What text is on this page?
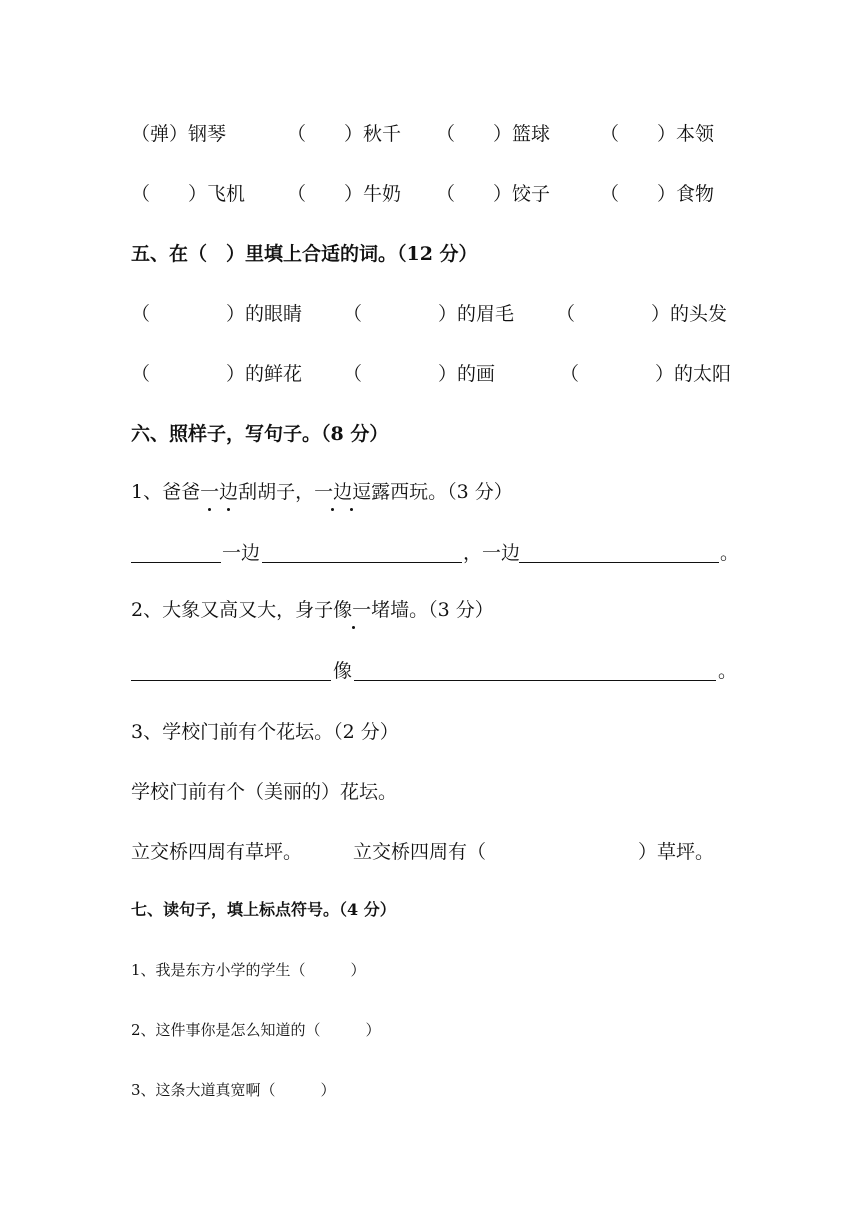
（弹）钢琴	（　　）秋千 （　　）篮球	（　　）本领
（　　）飞机 （　　）牛奶 （　　）饺子	（　　）食物
五、在（　）里填上合适的词。（12 分）
（　　　　）的眼睛 （　　　　）的眉毛 （　　　　）的头发
（　　　　）的鲜花 （　　　　）的画	（　　　　）的太阳
六、照样子，写句子。（8 分）
1、爸爸一边刮胡子，一边逗露西玩。（3 分）
一边	，一边	。
2、大象又高又大，身子像一堵墙。（3 分）
像	。
3、学校门前有个花坛。（2 分）
学校门前有个（美丽的）花坛。
立交桥四周有草坪。	立交桥四周有（　　　　　　　　）草坪。
七、读句子，填上标点符号。（4 分）
1、我是东方小学的学生（　　　）
2、这件事你是怎么知道的（　　　）
3、这条大道真宽啊（　　　）
